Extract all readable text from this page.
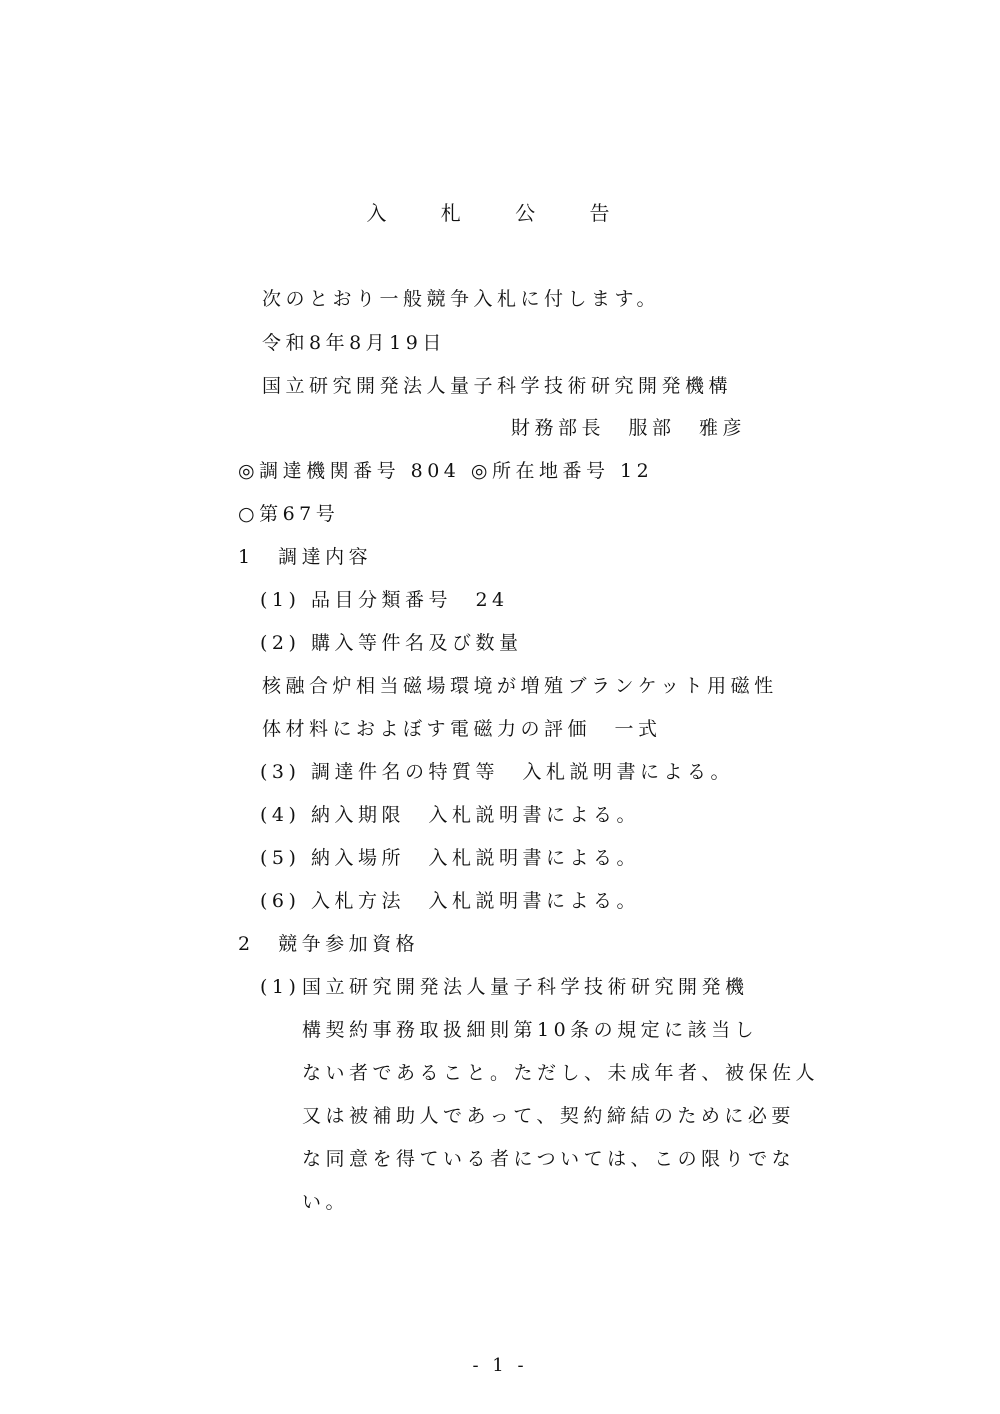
入 札 公 告
次のとおり一般競争入札に付します。
令和8年8月19日
国立研究開発法人量子科学技術研究開発機構
財務部長　服部　雅彦
◎調達機関番号 804 ◎所在地番号 12
○第67号
1　調達内容
(1) 品目分類番号　24
(2) 購入等件名及び数量
核融合炉相当磁場環境が増殖ブランケット用磁性
体材料におよぼす電磁力の評価　一式
(3) 調達件名の特質等　入札説明書による。
(4) 納入期限　入札説明書による。
(5) 納入場所　入札説明書による。
(6) 入札方法　入札説明書による。
2　競争参加資格
(1) 国立研究開発法人量子科学技術研究開発機
構契約事務取扱細則第10条の規定に該当し
ない者であること。ただし、未成年者、被保佐人
又は被補助人であって、契約締結のために必要
な同意を得ている者については、この限りでな
い。
- 1 -
